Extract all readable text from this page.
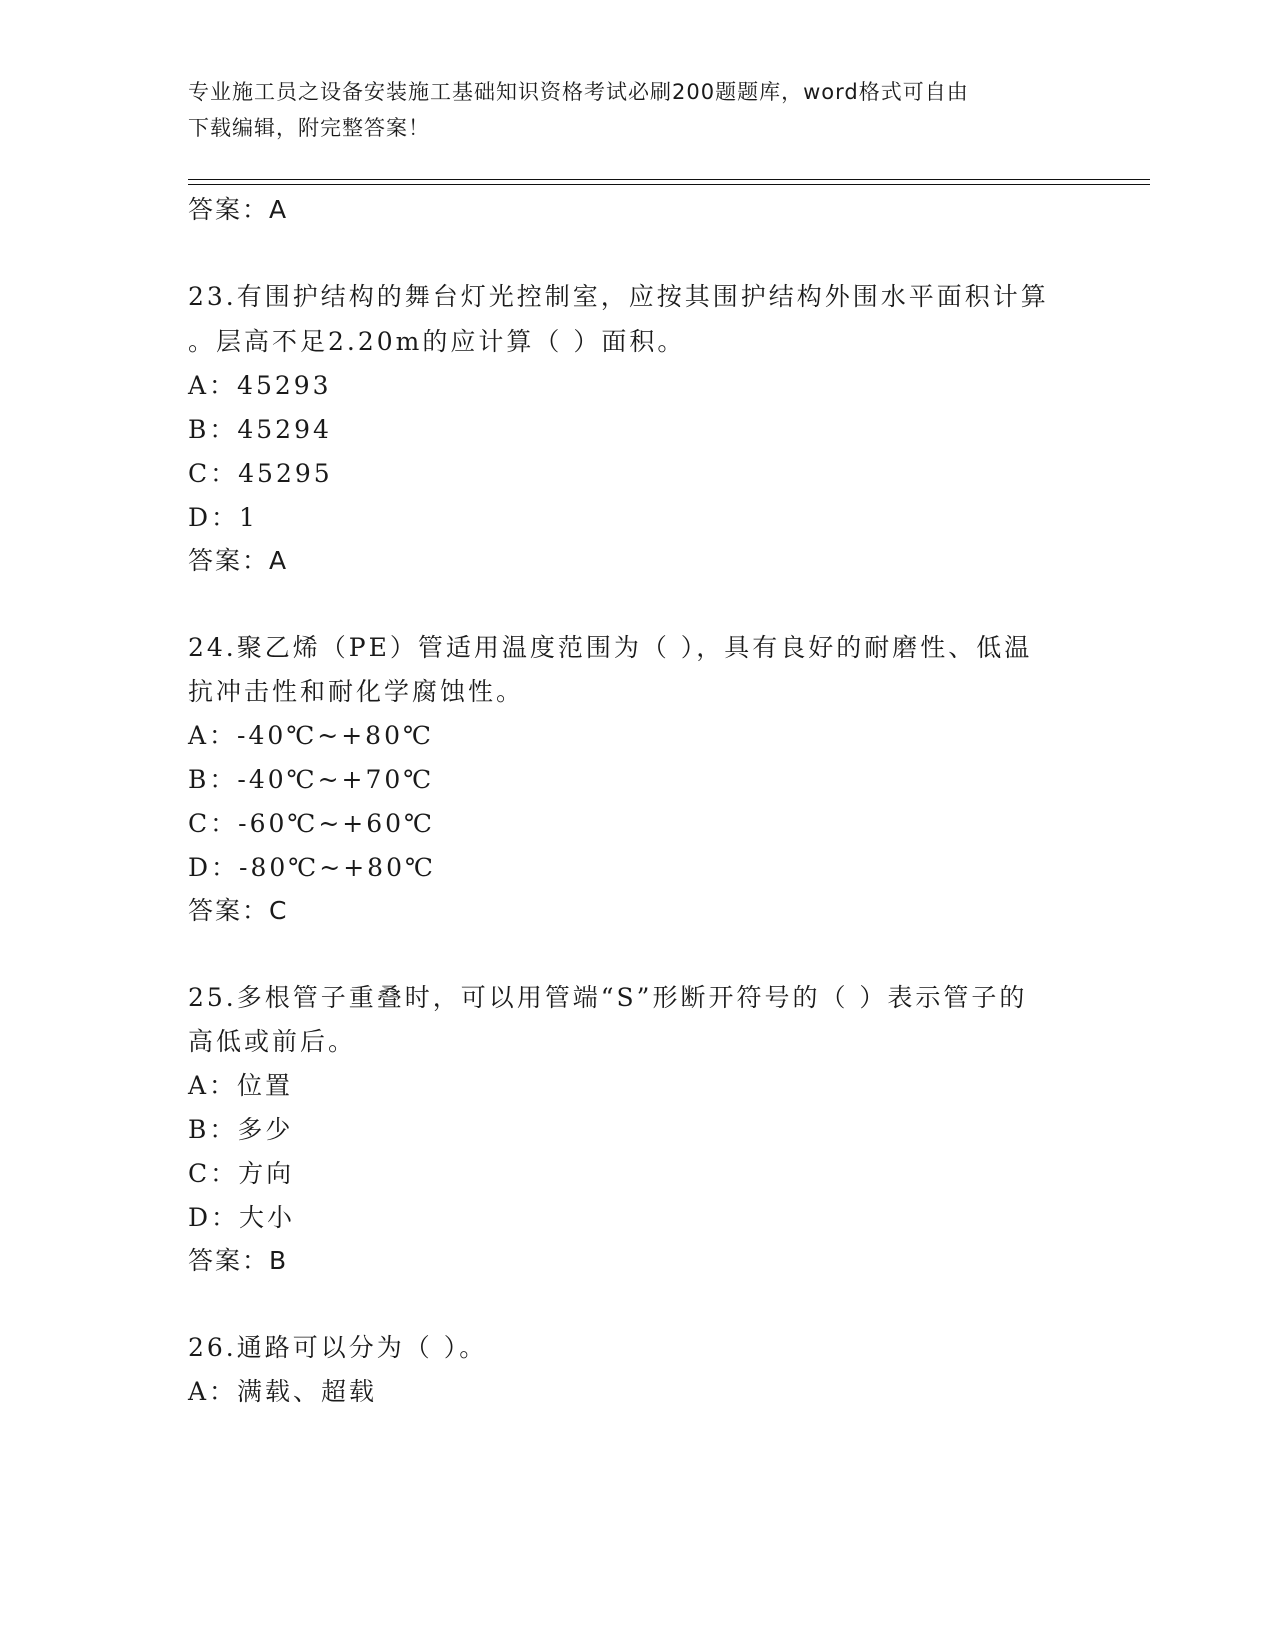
专业施工员之设备安装施工基础知识资格考试必刷200题题库，word格式可自由
下载编辑，附完整答案！
答案：A
23.有围护结构的舞台灯光控制室，应按其围护结构外围水平面积计算
。层高不足2.20m的应计算（ ）面积。
A：45293
B：45294
C：45295
D：1
答案：A
24.聚乙烯（PE）管适用温度范围为（ ），具有良好的耐磨性、低温
抗冲击性和耐化学腐蚀性。
A：-40℃~+80℃
B：-40℃~+70℃
C：-60℃~+60℃
D：-80℃~+80℃
答案：C
25.多根管子重叠时，可以用管端“S”形断开符号的（ ）表示管子的
高低或前后。
A：位置
B：多少
C：方向
D：大小
答案：B
26.通路可以分为（ ）。
A：满载、超载
